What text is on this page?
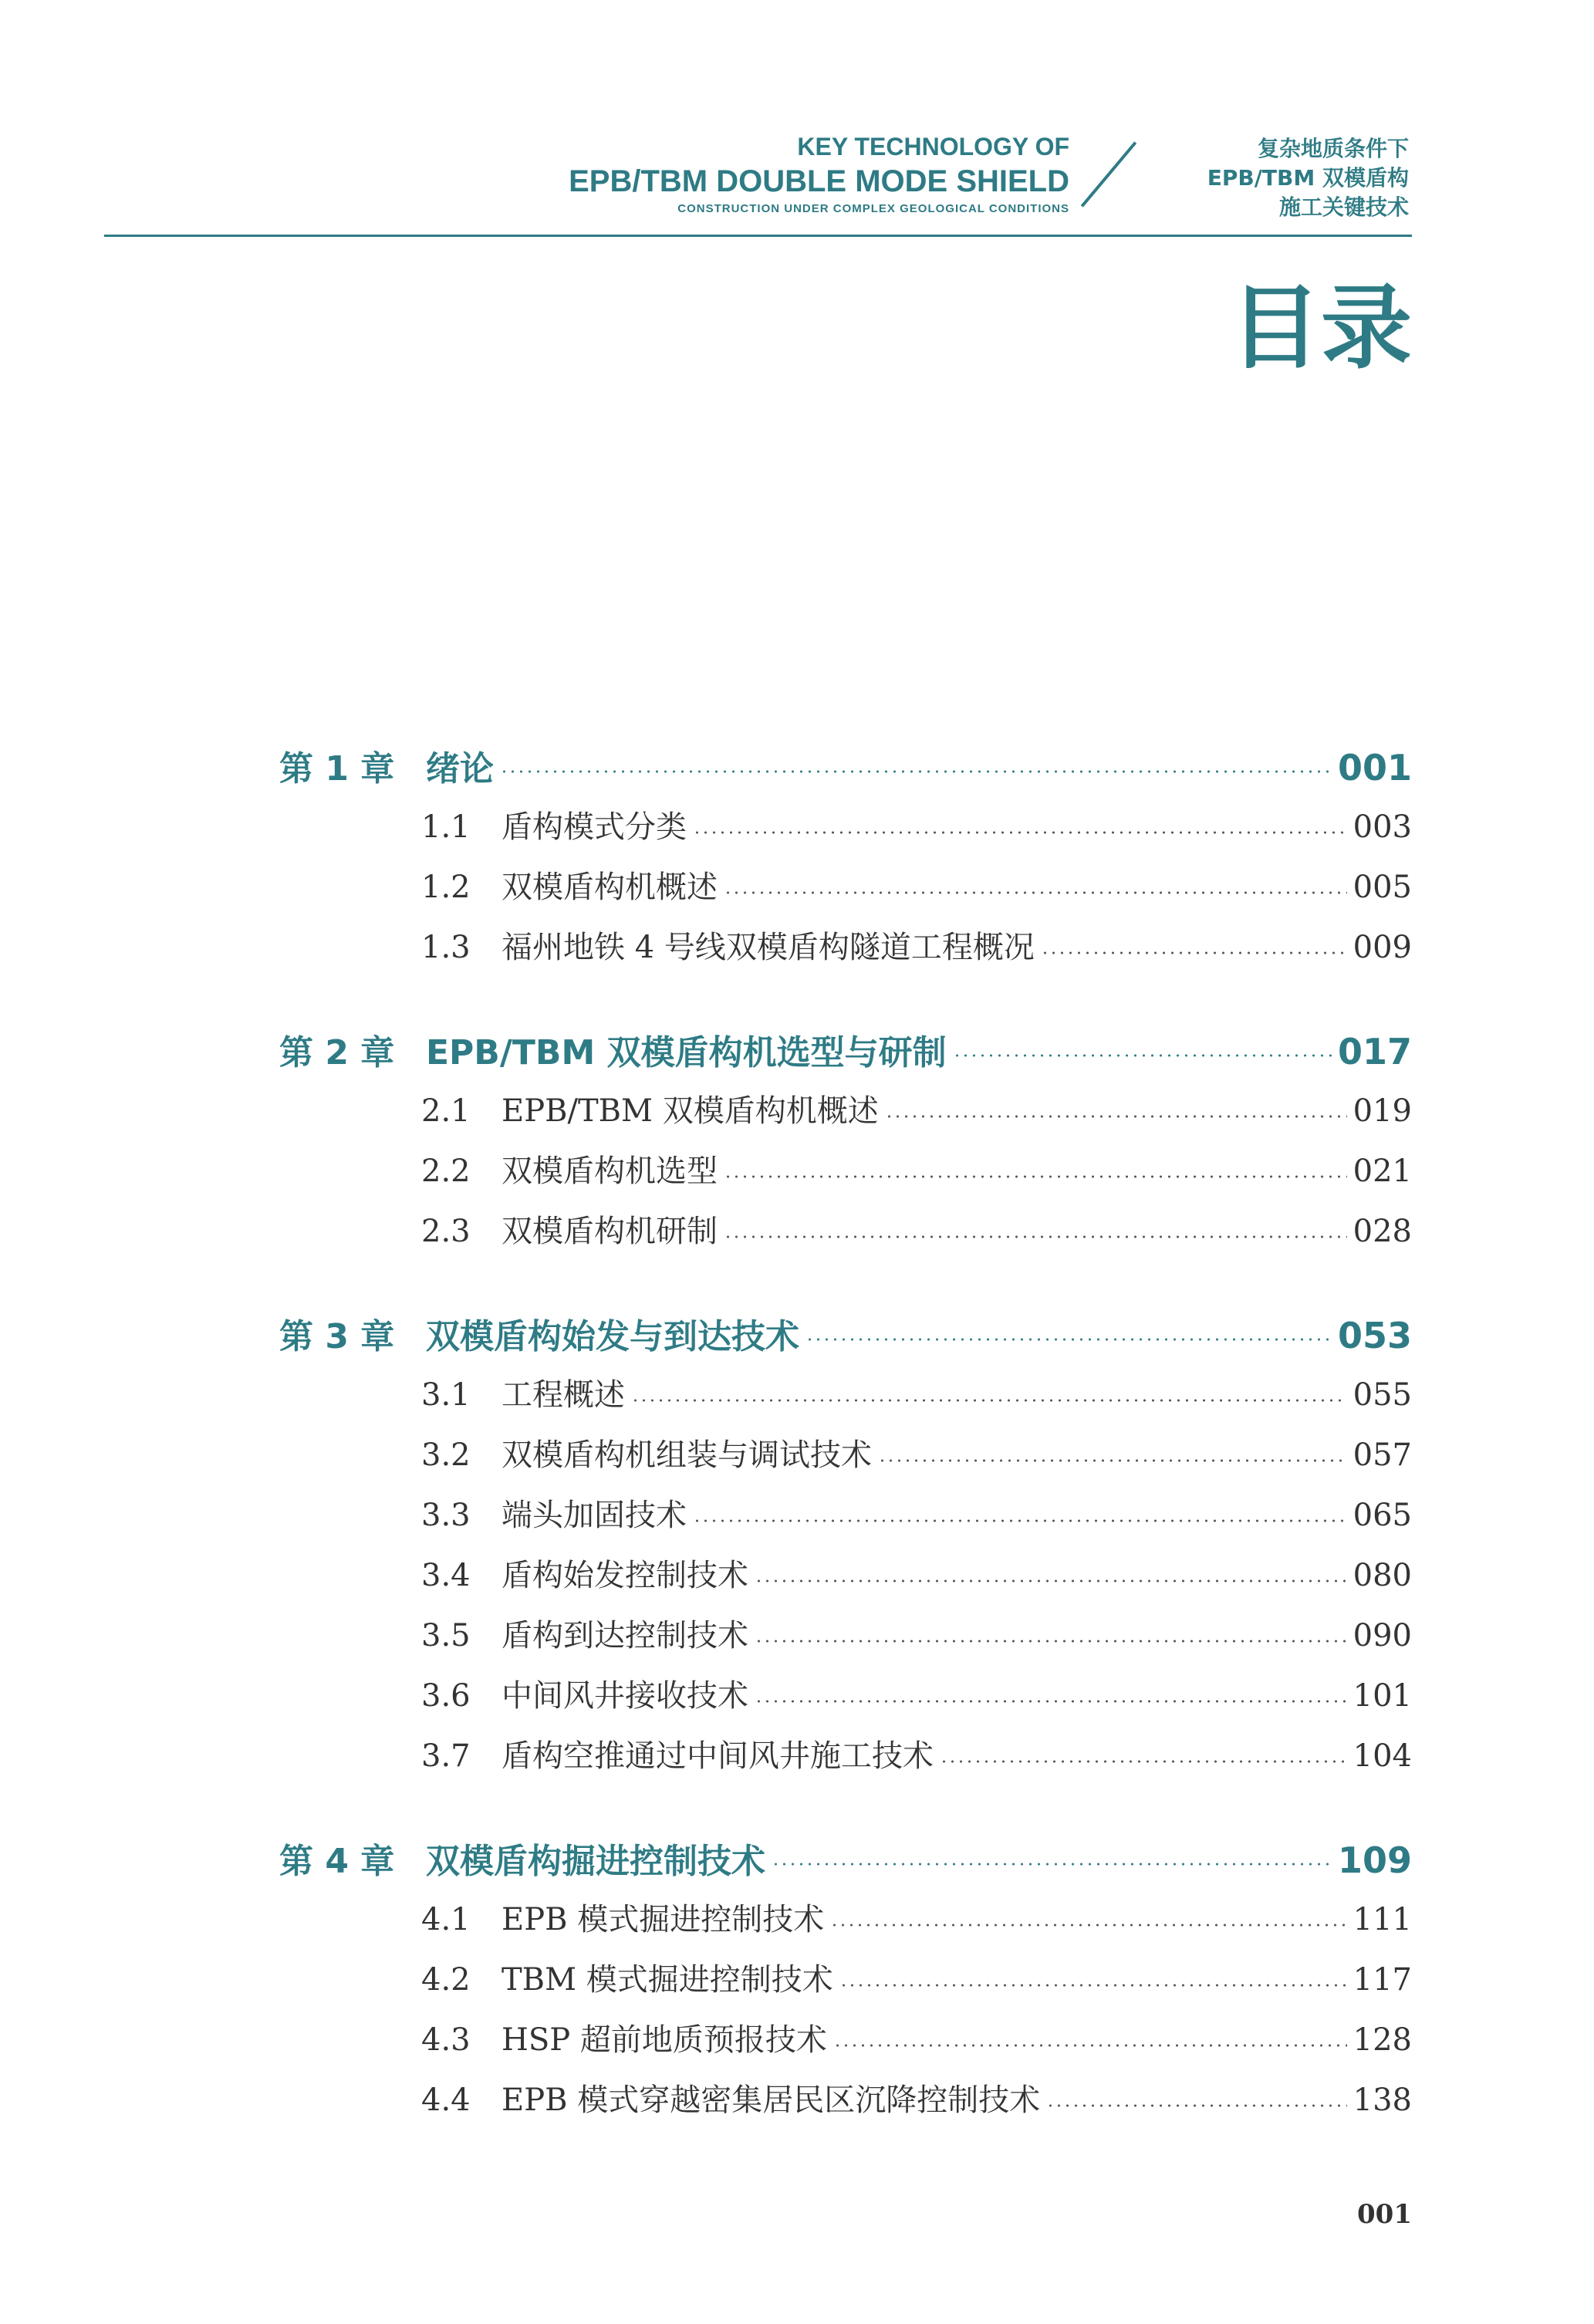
KEY TECHNOLOGY OF
EPB/TBM DOUBLE MODE SHIELD
CONSTRUCTION UNDER COMPLEX GEOLOGICAL CONDITIONS
复杂地质条件下
EPB/TBM 双模盾构
施工关键技术
目录
第 1 章 绪论	001
1.1	盾构模式分类	003
1.2	双模盾构机概述	005
1.3	福州地铁 4 号线双模盾构隧道工程概况	009
第 2 章 EPB/TBM 双模盾构机选型与研制	017
2.1	EPB/TBM 双模盾构机概述	019
2.2	双模盾构机选型	021
2.3	双模盾构机研制	028
第 3 章 双模盾构始发与到达技术	053
3.1	工程概述	055
3.2	双模盾构机组装与调试技术	057
3.3	端头加固技术	065
3.4	盾构始发控制技术	080
3.5	盾构到达控制技术	090
3.6	中间风井接收技术	101
3.7	盾构空推通过中间风井施工技术	104
第 4 章 双模盾构掘进控制技术	109
4.1	EPB 模式掘进控制技术	111
4.2	TBM 模式掘进控制技术	117
4.3	HSP 超前地质预报技术	128
4.4	EPB 模式穿越密集居民区沉降控制技术	138
001
